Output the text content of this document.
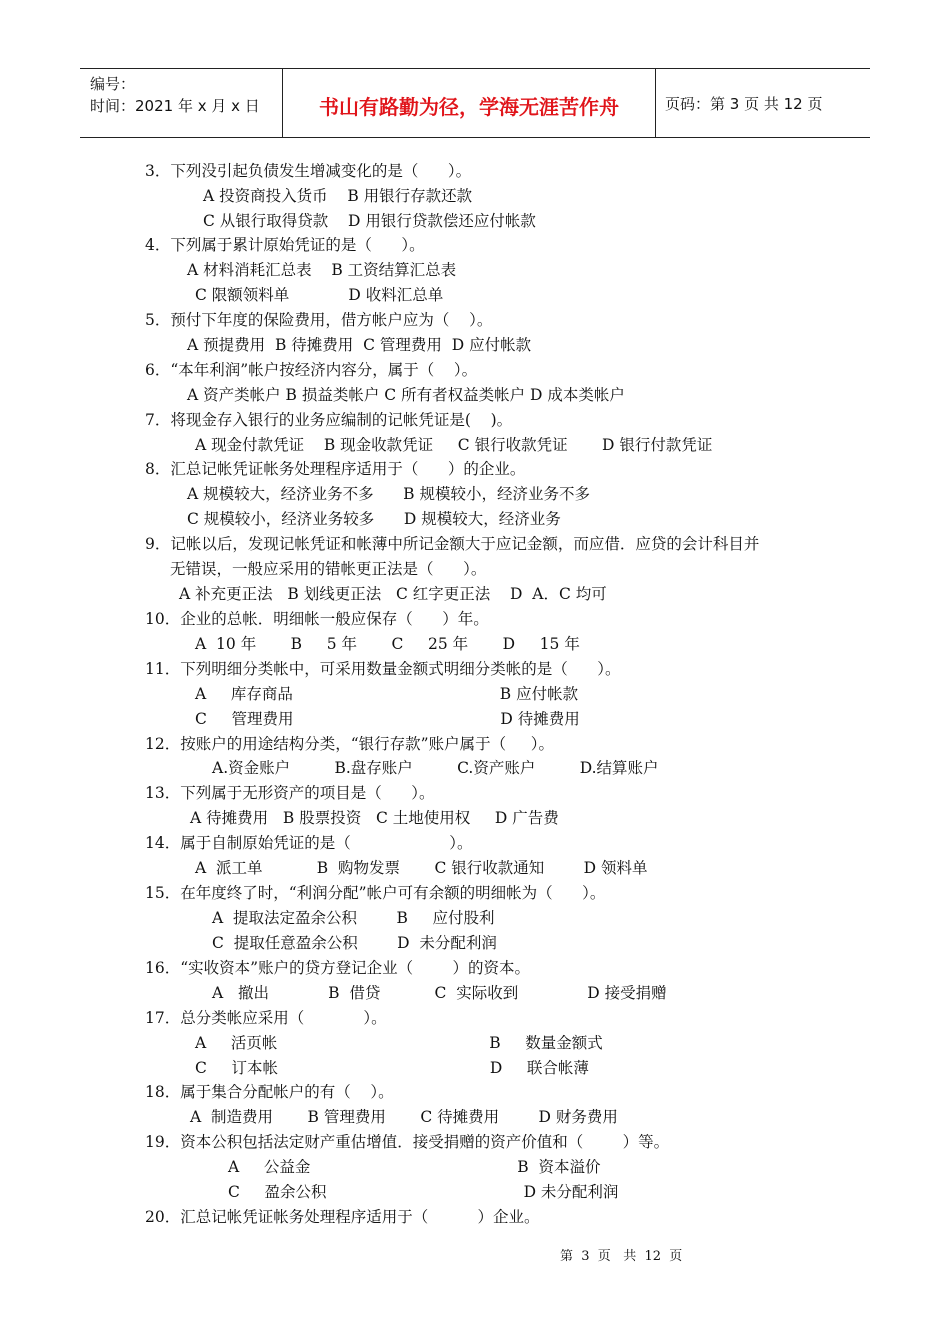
编号：
时间：2021 年 x 月 x 日	书山有路勤为径，学海无涯苦作舟	页码：第 3 页 共 12 页
3．下列没引起负债发生增减变化的是（      ）。
A 投资商投入货币    B 用银行存款还款
C 从银行取得贷款    D 用银行贷款偿还应付帐款
4．下列属于累计原始凭证的是（      ）。
A 材料消耗汇总表    B 工资结算汇总表
C 限额领料单            D 收料汇总单
5．预付下年度的保险费用，借方帐户应为（    ）。
A 预提费用  B 待摊费用  C 管理费用  D 应付帐款
6．“本年利润”帐户按经济内容分，属于（    ）。
A 资产类帐户 B 损益类帐户 C 所有者权益类帐户 D 成本类帐户
7．将现金存入银行的业务应编制的记帐凭证是(    )。
A 现金付款凭证    B 现金收款凭证     C 银行收款凭证       D 银行付款凭证
8．汇总记帐凭证帐务处理程序适用于（      ）的企业。
A 规模较大，经济业务不多      B 规模较小，经济业务不多
C 规模较小，经济业务较多      D 规模较大，经济业务
9．记帐以后，发现记帐凭证和帐薄中所记金额大于应记金额，而应借．应贷的会计科目并
无错误，一般应采用的错帐更正法是（      ）。
A 补充更正法   B 划线更正法   C 红字更正法    D  A．C 均可
10．企业的总帐．明细帐一般应保存（      ）年。
A  10 年       B     5 年       C     25 年       D     15 年
11．下列明细分类帐中，可采用数量金额式明细分类帐的是（      ）。
A     库存商品                                          B 应付帐款
C     管理费用                                          D 待摊费用
12．按账户的用途结构分类，“银行存款”账户属于（     ）。
A.资金账户         B.盘存账户         C.资产账户         D.结算账户
13．下列属于无形资产的项目是（      ）。
A 待摊费用   B 股票投资   C 土地使用权     D 广告费
14．属于自制原始凭证的是（                    ）。
A  派工单           B  购物发票       C 银行收款通知        D 领料单
15．在年度终了时，“利润分配”帐户可有余额的明细帐为（      ）。
A  提取法定盈余公积        B     应付股利
C  提取任意盈余公积        D  未分配利润
16．“实收资本”账户的贷方登记企业（        ）的资本。
A   撤出            B  借贷           C  实际收到              D 接受捐赠
17．总分类帐应采用（            ）。
A     活页帐                                           B     数量金额式
C     订本帐                                           D     联合帐薄
18．属于集合分配帐户的有（    ）。
A  制造费用       B 管理费用       C 待摊费用        D 财务费用
19．资本公积包括法定财产重估增值．接受捐赠的资产价值和（        ）等。
A     公益金                                          B  资本溢价
C     盈余公积                                        D 未分配利润
20．汇总记帐凭证帐务处理程序适用于（          ）企业。
第  3  页   共  12  页
